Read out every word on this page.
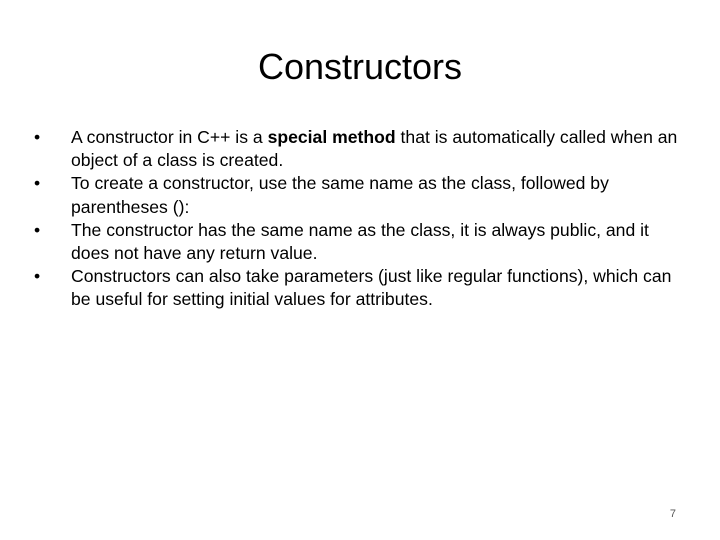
Constructors
•	A constructor in C++ is a special method that is automatically called when an object of a class is created.
•	To create a constructor, use the same name as the class, followed by parentheses ():
•	The constructor has the same name as the class, it is always public, and it does not have any return value.
•	Constructors can also take parameters (just like regular functions), which can be useful for setting initial values for attributes.
7
